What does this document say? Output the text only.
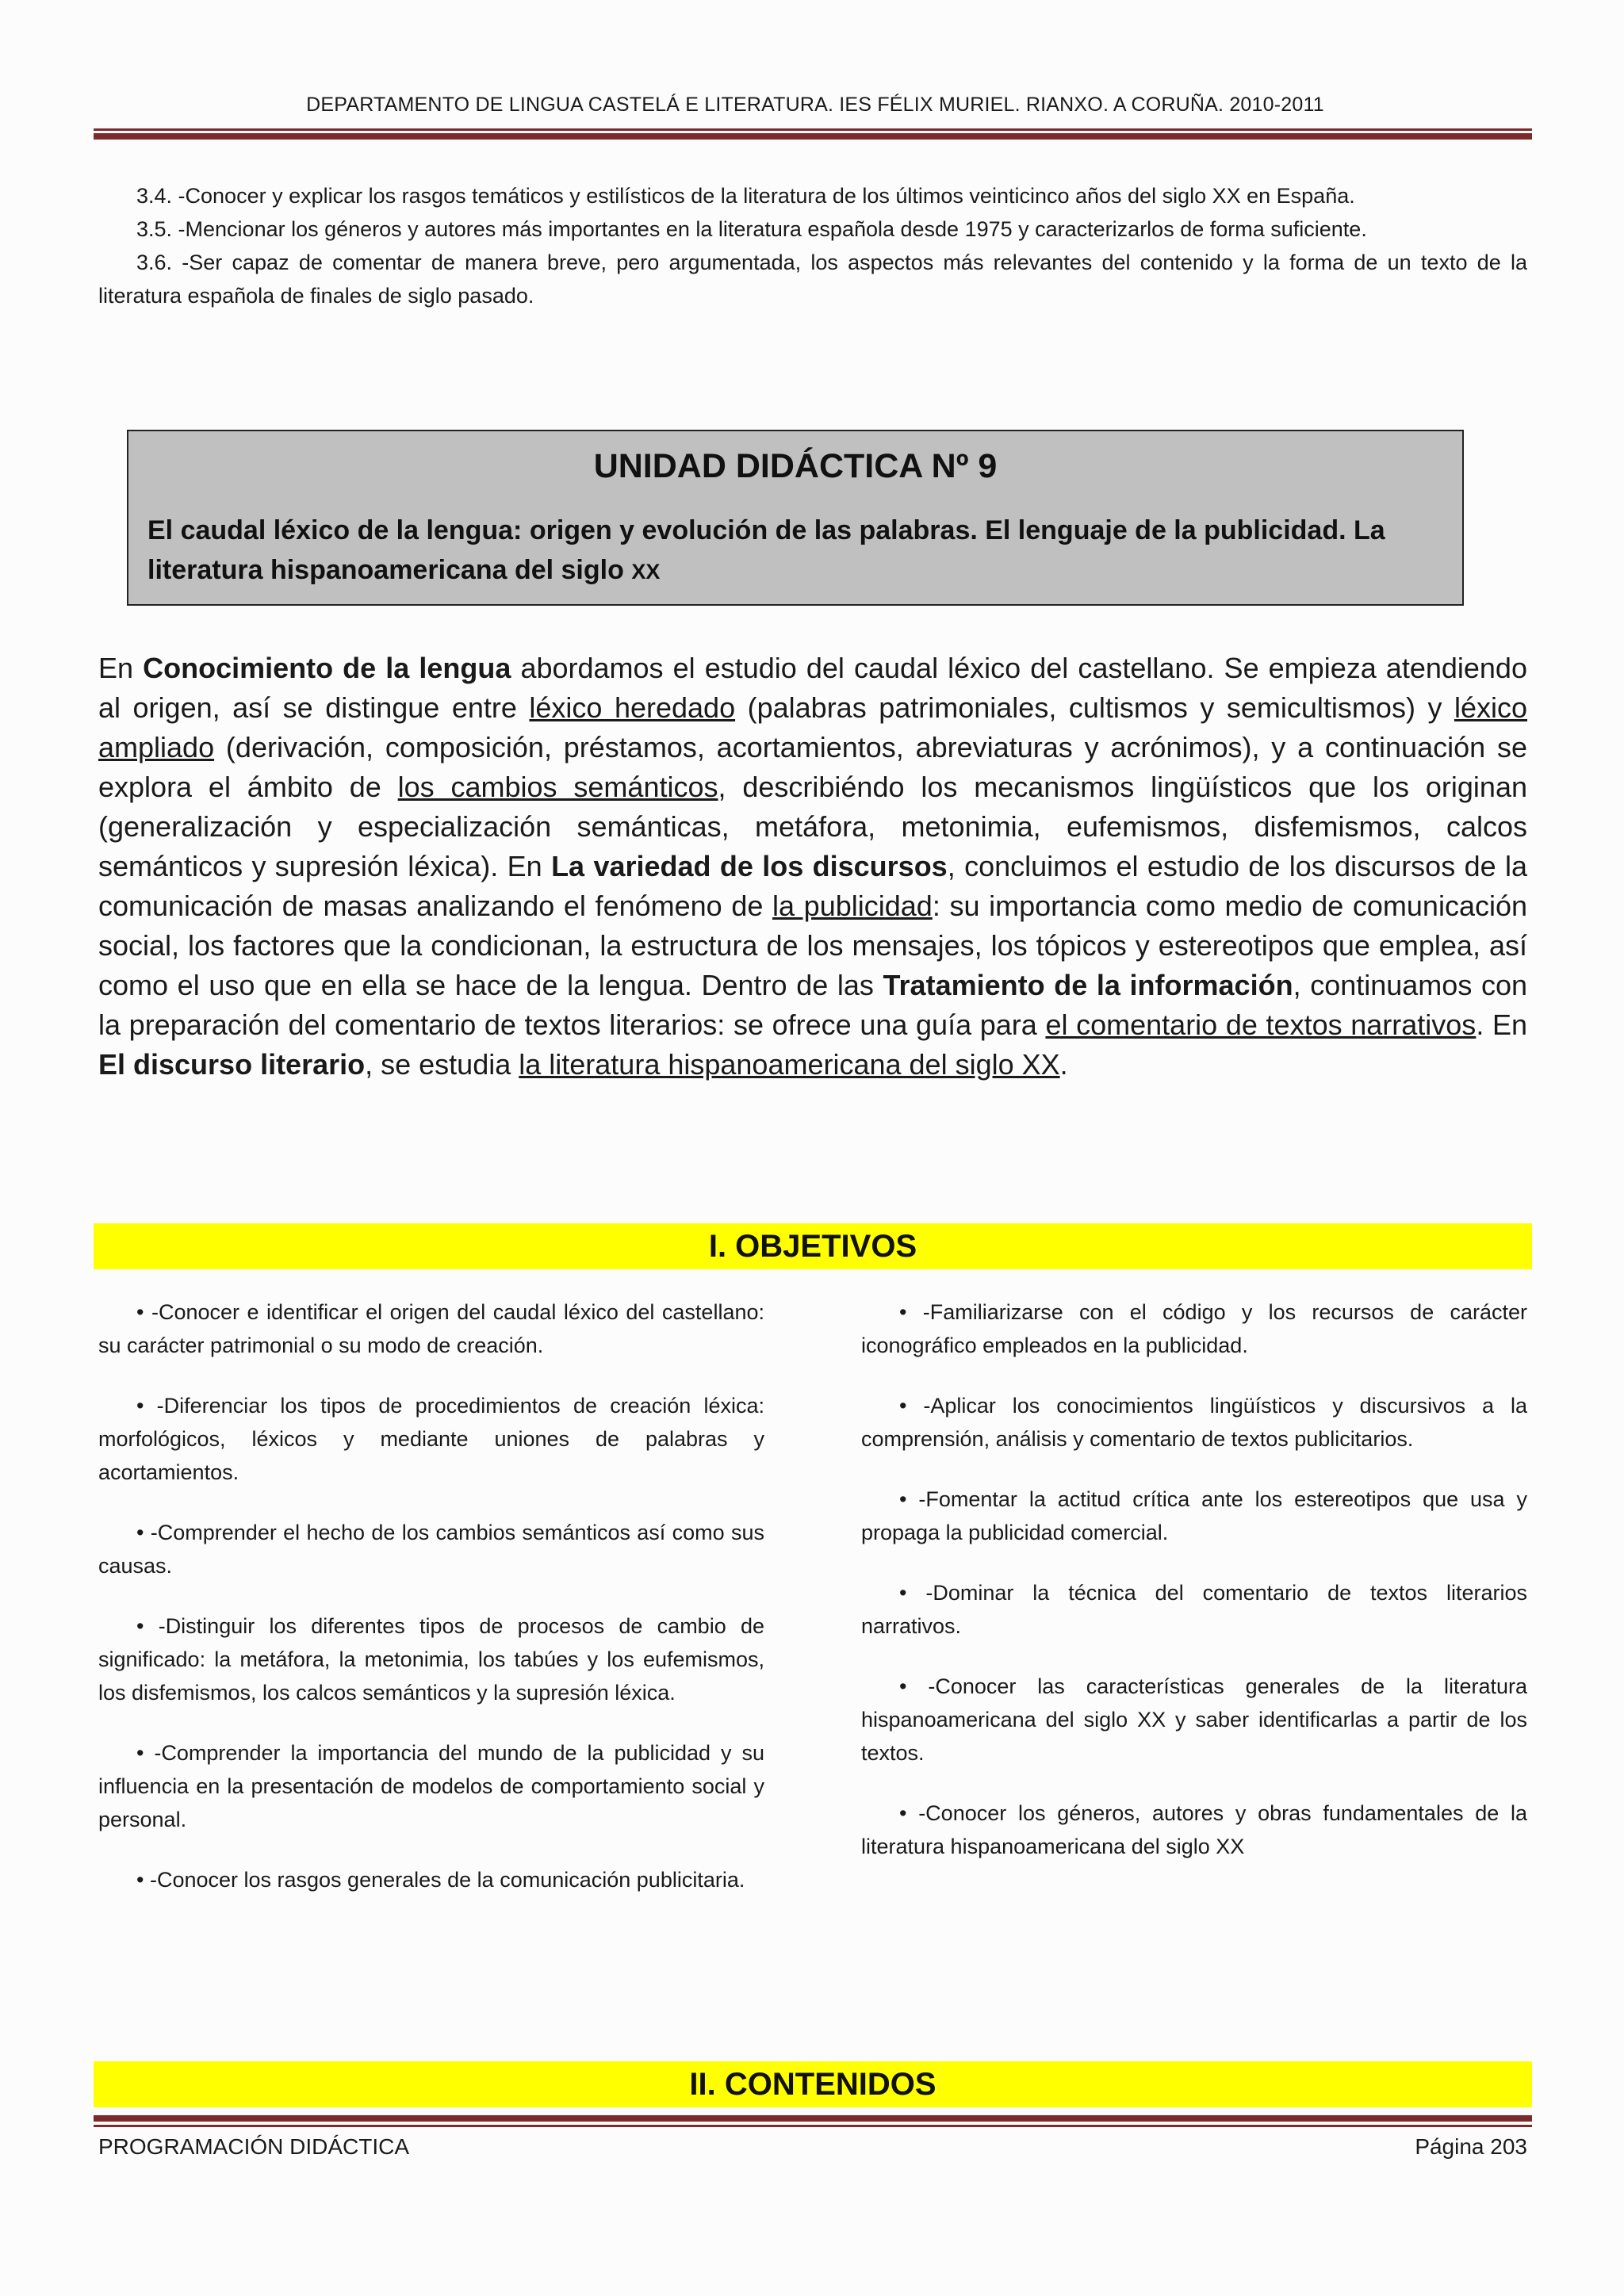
DEPARTAMENTO DE LINGUA CASTELÁ E LITERATURA. IES FÉLIX MURIEL. RIANXO. A CORUÑA. 2010-2011

3.4. -Conocer y explicar los rasgos temáticos y estilísticos de la literatura de los últimos veinticinco años del siglo XX en España.

3.5. -Mencionar los géneros y autores más importantes en la literatura española desde 1975 y caracterizarlos de forma suficiente.

3.6. -Ser capaz de comentar de manera breve, pero argumentada, los aspectos más relevantes del contenido y la forma de un texto de la literatura española de finales de siglo pasado.

UNIDAD DIDÁCTICA Nº 9
El caudal léxico de la lengua: origen y evolución de las palabras. El lenguaje de la publicidad. La literatura hispanoamericana del siglo XX
En Conocimiento de la lengua abordamos el estudio del caudal léxico del castellano. Se empieza atendiendo al origen, así se distingue entre léxico heredado (palabras patrimoniales, cultismos y semicultismos) y léxico ampliado (derivación, composición, préstamos, acortamientos, abreviaturas y acrónimos), y a continuación se explora el ámbito de los cambios semánticos, describiéndo los mecanismos lingüísticos que los originan (generalización y especialización semánticas, metáfora, metonimia, eufemismos, disfemismos, calcos semánticos y supresión léxica). En La variedad de los discursos, concluimos el estudio de los discursos de la comunicación de masas analizando el fenómeno de la publicidad: su importancia como medio de comunicación social, los factores que la condicionan, la estructura de los mensajes, los tópicos y estereotipos que emplea, así como el uso que en ella se hace de la lengua. Dentro de las Tratamiento de la información, continuamos con la preparación del comentario de textos literarios: se ofrece una guía para el comentario de textos narrativos. En El discurso literario, se estudia la literatura hispanoamericana del siglo XX.
I. OBJETIVOS

• -Conocer e identificar el origen del caudal léxico del castellano: su carácter patrimonial o su modo de creación.

• -Diferenciar los tipos de procedimientos de creación léxica: morfológicos, léxicos y mediante uniones de palabras y acortamientos.

• -Comprender el hecho de los cambios semánticos así como sus causas.

• -Distinguir los diferentes tipos de procesos de cambio de significado: la metáfora, la metonimia, los tabúes y los eufemismos, los disfemismos, los calcos semánticos y la supresión léxica.

• -Comprender la importancia del mundo de la publicidad y su influencia en la presentación de modelos de comportamiento social y personal.

• -Conocer los rasgos generales de la comunicación publicitaria.

• -Familiarizarse con el código y los recursos de carácter iconográfico empleados en la publicidad.

• -Aplicar los conocimientos lingüísticos y discursivos a la comprensión, análisis y comentario de textos publicitarios.

• -Fomentar la actitud crítica ante los estereotipos que usa y propaga la publicidad comercial.

• -Dominar la técnica del comentario de textos literarios narrativos.

• -Conocer las características generales de la literatura hispanoamericana del siglo XX y saber identificarlas a partir de los textos.

• -Conocer los géneros, autores y obras fundamentales de la literatura hispanoamericana del siglo XX

II. CONTENIDOS
PROGRAMACIÓN DIDÁCTICA	Página 203
